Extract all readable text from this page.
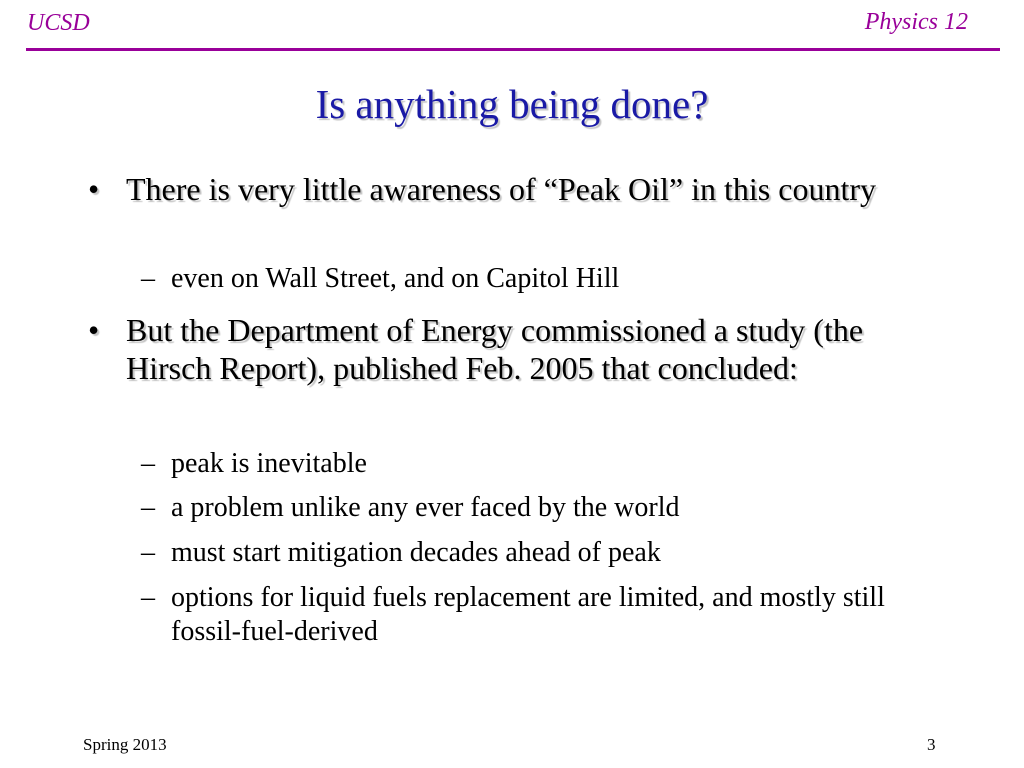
UCSD	Physics 12
Is anything being done?
• There is very little awareness of “Peak Oil” in this country
– even on Wall Street, and on Capitol Hill
• But the Department of Energy commissioned a study (the Hirsch Report), published Feb. 2005 that concluded:
– peak is inevitable
– a problem unlike any ever faced by the world
– must start mitigation decades ahead of peak
– options for liquid fuels replacement are limited, and mostly still fossil-fuel-derived
Spring 2013	3
